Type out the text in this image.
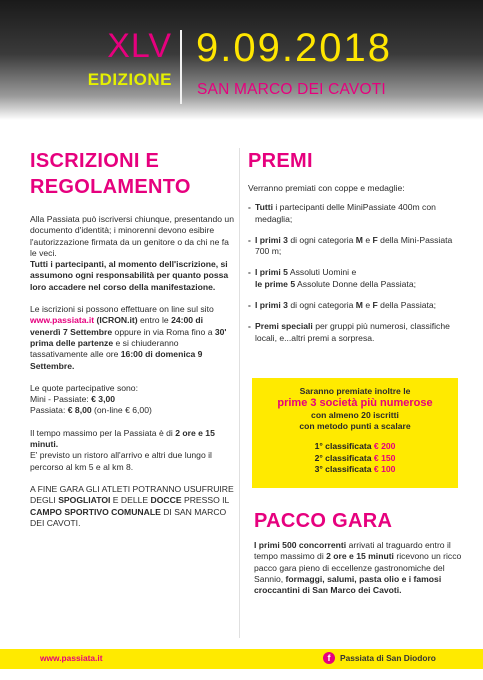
XLV
EDIZIONE
9.09.2018
SAN MARCO DEI CAVOTI
ISCRIZIONI E
REGOLAMENTO

Alla Passiata può iscriversi chiunque, presentando un documento d'identità; i minorenni devono esibire l'autorizzazione firmata da un genitore o da chi ne fa le veci.

Tutti i partecipanti, al momento dell'iscrizione, si assumono ogni responsabilità per quanto possa loro accadere nel corso della manifestazione.

Le iscrizioni si possono effettuare on line sul sito www.passiata.it (ICRON.it) entro le 24:00 di venerdì 7 Settembre oppure in via Roma fino a 30' prima delle partenze e si chiuderanno tassativamente alle ore 16:00 di domenica 9 Settembre.

Le quote partecipative sono:
Mini - Passiate: € 3,00
Passiata: € 8,00 (on-line € 6,00)

Il tempo massimo per la Passiata è di 2 ore e 15 minuti.
E' previsto un ristoro all'arrivo e altri due lungo il percorso al km 5 e al km 8.

A FINE GARA GLI ATLETI POTRANNO USUFRUIRE DEGLI SPOGLIATOI E DELLE DOCCE PRESSO IL CAMPO SPORTIVO COMUNALE DI SAN MARCO DEI CAVOTI.

PREMI

Verranno premiati con coppe e medaglie:

- Tutti i partecipanti delle MiniPassiate 400m con medaglia;
- I primi 3 di ogni categoria M e F della Mini-Passiata 700 m;
- I primi 5 Assoluti Uomini e
le prime 5 Assolute Donne della Passiata;
- I primi 3 di ogni categoria M e F della Passiata;
- Premi speciali per gruppi più numerosi, classifiche locali, e...altri premi a sorpresa.
Saranno premiate inoltre le
prime 3 società più numerose
con almeno 20 iscritti
con metodo punti a scalare
1° classificata € 200
2° classificata € 150
3° classificata € 100
PACCO GARA

I primi 500 concorrenti arrivati al traguardo entro il tempo massimo di 2 ore e 15 minuti ricevono un ricco pacco gara pieno di eccellenze gastronomiche del Sannio, formaggi, salumi, pasta olio e i famosi croccantini di San Marco dei Cavoti.

www.passiata.it	f	Passiata di San Diodoro
